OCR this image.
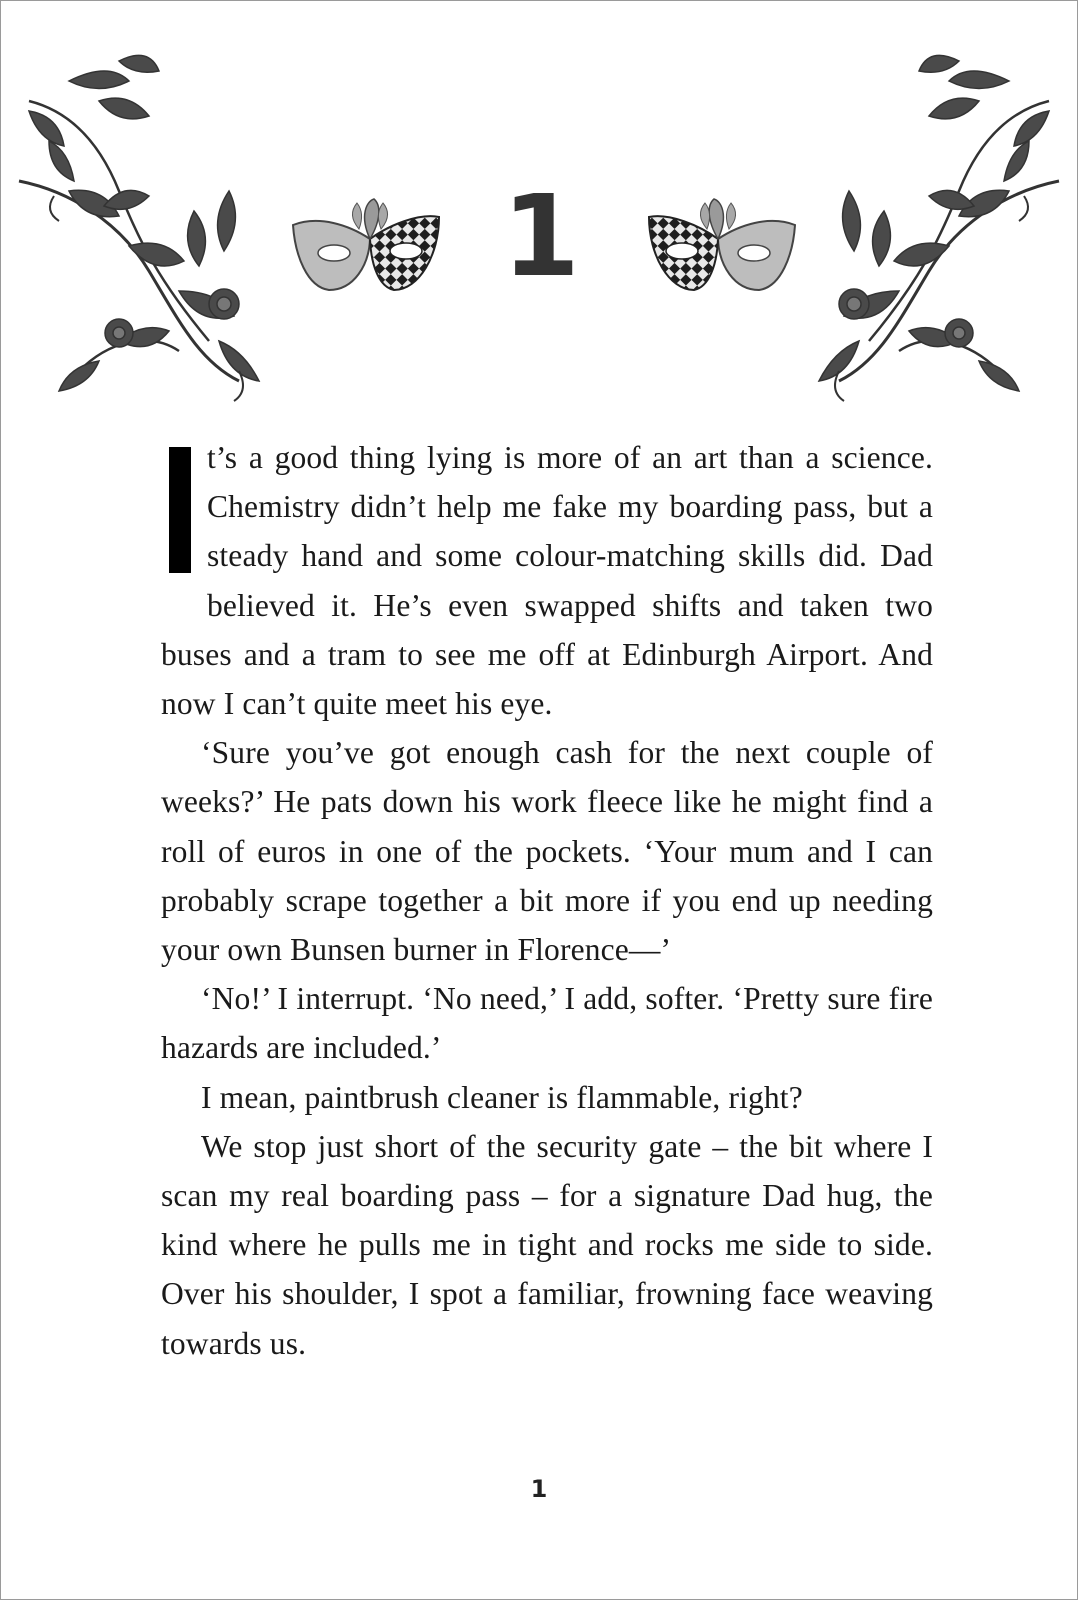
1

t’s a good thing lying is more of an art than a science. Chemistry didn’t help me fake my boarding pass, but a steady hand and some colour-matching skills did. Dad believed it. He’s even swapped shifts and taken two buses and a tram to see me off at Edinburgh Airport. And now I can’t quite meet his eye.

‘Sure you’ve got enough cash for the next couple of weeks?’ He pats down his work fleece like he might find a roll of euros in one of the pockets. ‘Your mum and I can probably scrape together a bit more if you end up needing your own Bunsen burner in Florence—’

‘No!’ I interrupt. ‘No need,’ I add, softer. ‘Pretty sure fire hazards are included.’

I mean, paintbrush cleaner is flammable, right?

We stop just short of the security gate – the bit where I scan my real boarding pass – for a signature Dad hug, the kind where he pulls me in tight and rocks me side to side. Over his shoulder, I spot a familiar, frowning face weaving towards us.

1
